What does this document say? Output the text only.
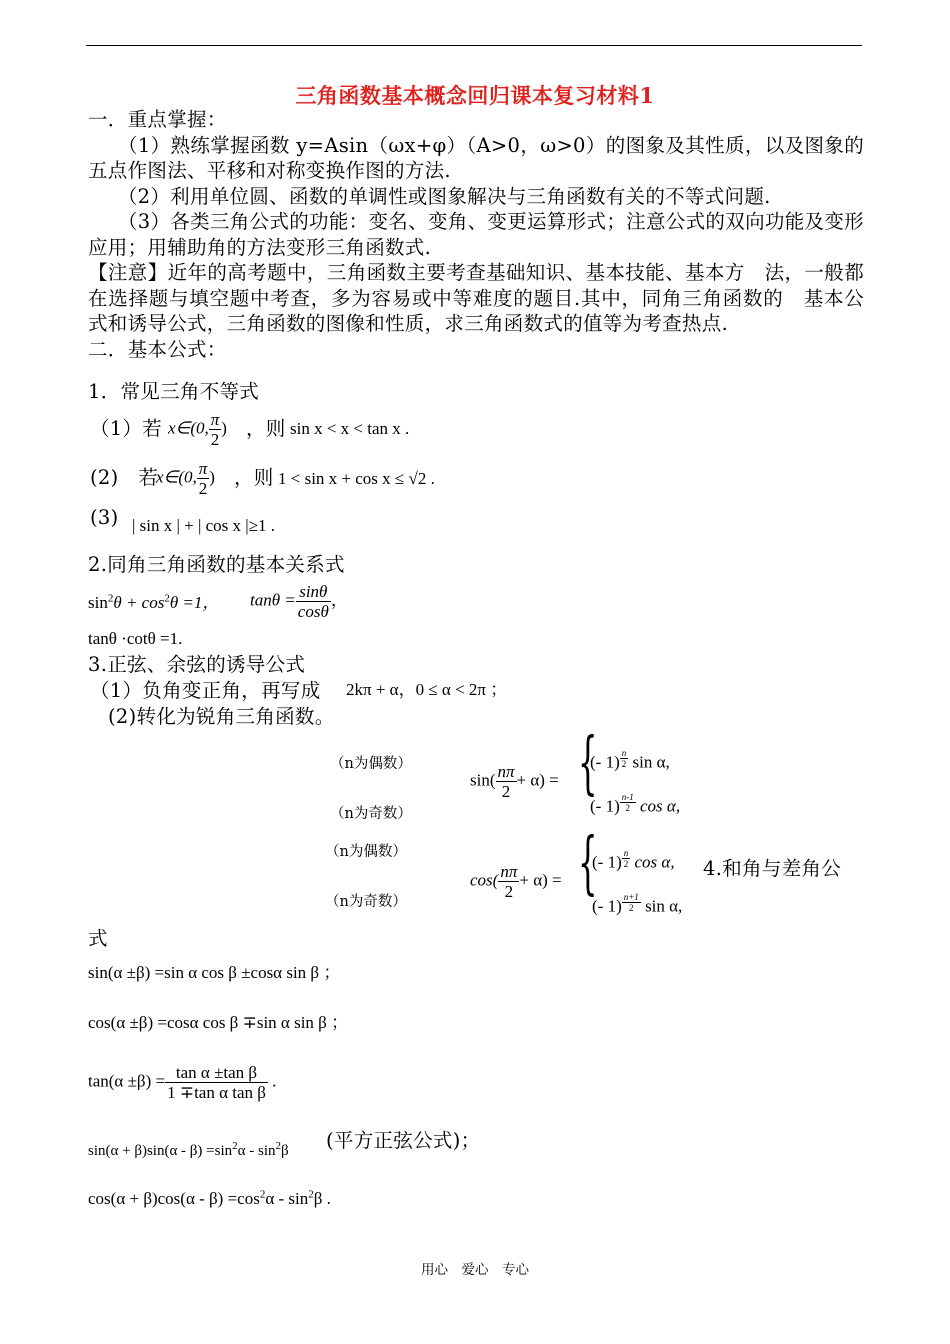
三角函数基本概念回归课本复习材料1
一．重点掌握：
　　（1）熟练掌握函数 y=Asin（ωx+φ）（A>0，ω>0）的图象及其性质，以及图象的五点作图法、平移和对称变换作图的方法.
　　（2）利用单位圆、函数的单调性或图象解决与三角函数有关的不等式问题.
　　（3）各类三角公式的功能：变名、变角、变更运算形式；注意公式的双向功能及变形应用；用辅助角的方法变形三角函数式.
【注意】近年的高考题中，三角函数主要考查基础知识、基本技能、基本方　法，一般都在选择题与填空题中考查，多为容易或中等难度的题目.其中，同角三角函数的　基本公式和诱导公式，三角函数的图像和性质，求三角函数式的值等为考查热点.
二．基本公式：
1．常见三角不等式
（1）若 x∈(0, $\frac{\pi}{2}$ ) ，则 sin x < x < tan x .
(2)　若
x∈(0, $\frac{\pi}{2}$ ) ，则 1 < sin x + cos x ≤ √2 .
(3) | sin x | + | cos x |≥1 .
2.同角三角函数的基本关系式
$\sin^2\theta + \cos^2\theta =1$， $\tan\theta = \frac{\sin\theta}{\cos\theta}$ ，
tanθ ·cotθ =1.
3.正弦、余弦的诱导公式
（1）负角变正角，再写成 2kπ + α，0 ≤ α < 2π ；
(2)转化为锐角三角函数。
（n为偶数）
（n为奇数）
$\sin( \frac{n\pi}{2} + \alpha)$ = {
(- 1) $^{\frac{n}{2}}$ sin α,
(- 1) $^{\frac{n-1}{2}}$ cos α,
（n为偶数）
（n为奇数）
$\cos( \frac{n\pi}{2} + \alpha)$ = {
(- 1) $^{\frac{n}{2}}$ cos α,
(- 1) $^{\frac{n+1}{2}}$ sin α,
4.和角与差角公
式
sin(α ±β) =sin α cos β ±cosα sin β ；
cos(α ±β) =cosα cos β ∓sin α sin β ；
$\tan(\alpha \pm\beta) = \frac{\text{tan α ±tan β}}{\text{1 ∓tan α tan β}}$ .
$\sin(\alpha + \beta)\sin(\alpha - \beta) =\sin^2\alpha - \sin^2\beta$ (平方正弦公式)；
$\cos(\alpha + \beta)\cos(\alpha - \beta) =\cos^2\alpha - \sin^2\beta$ .
用心　爱心　专心
